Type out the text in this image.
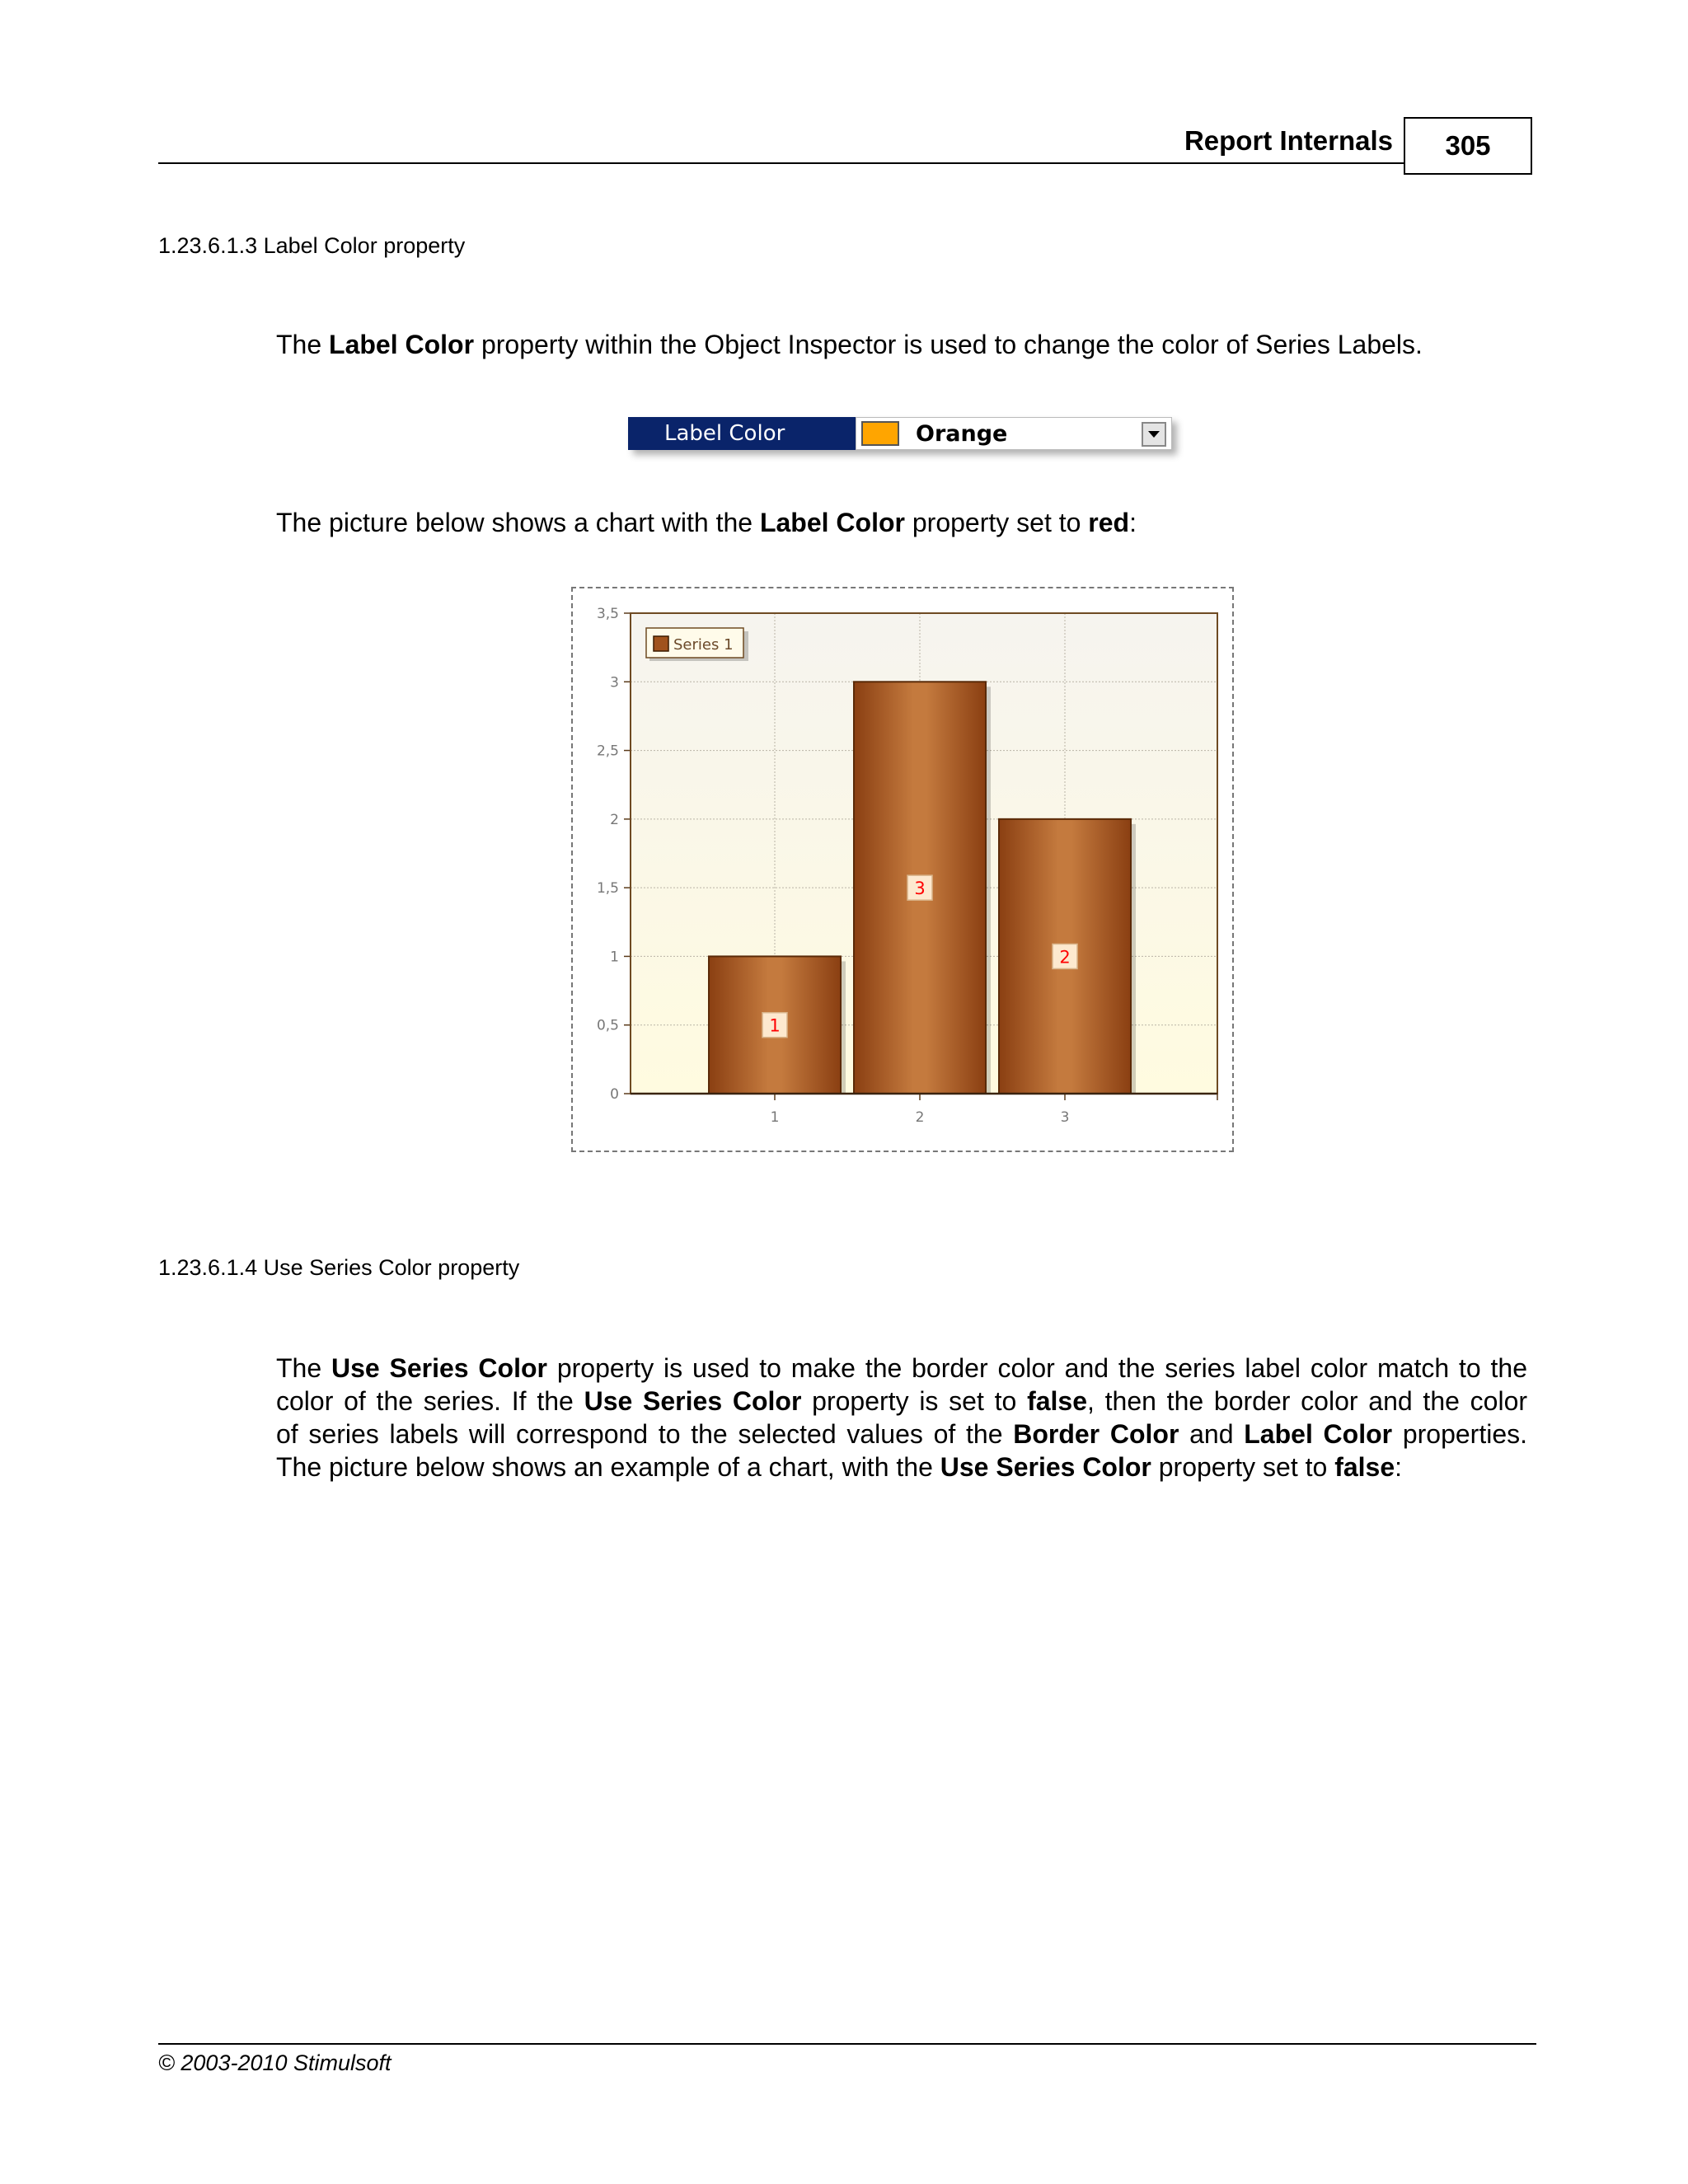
Report Internals 305
1.23.6.1.3 Label Color property
The Label Color property within the Object Inspector is used to change the color of Series Labels.
Label Color	Orange
The picture below shows a chart with the Label Color property set to red:
0
0,5
1
1,5
2
2,5
3
3,5
1	2	3
1
3
2
Series 1
1.23.6.1.4 Use Series Color property
The Use Series Color property is used to make the border color and the series label color match to the
color of the series. If the Use Series Color property is set to false, then the border color and the color
of series labels will correspond to the selected values of the Border Color and Label Color properties.
The picture below shows an example of a chart, with the Use Series Color property set to false:
© 2003-2010 Stimulsoft
